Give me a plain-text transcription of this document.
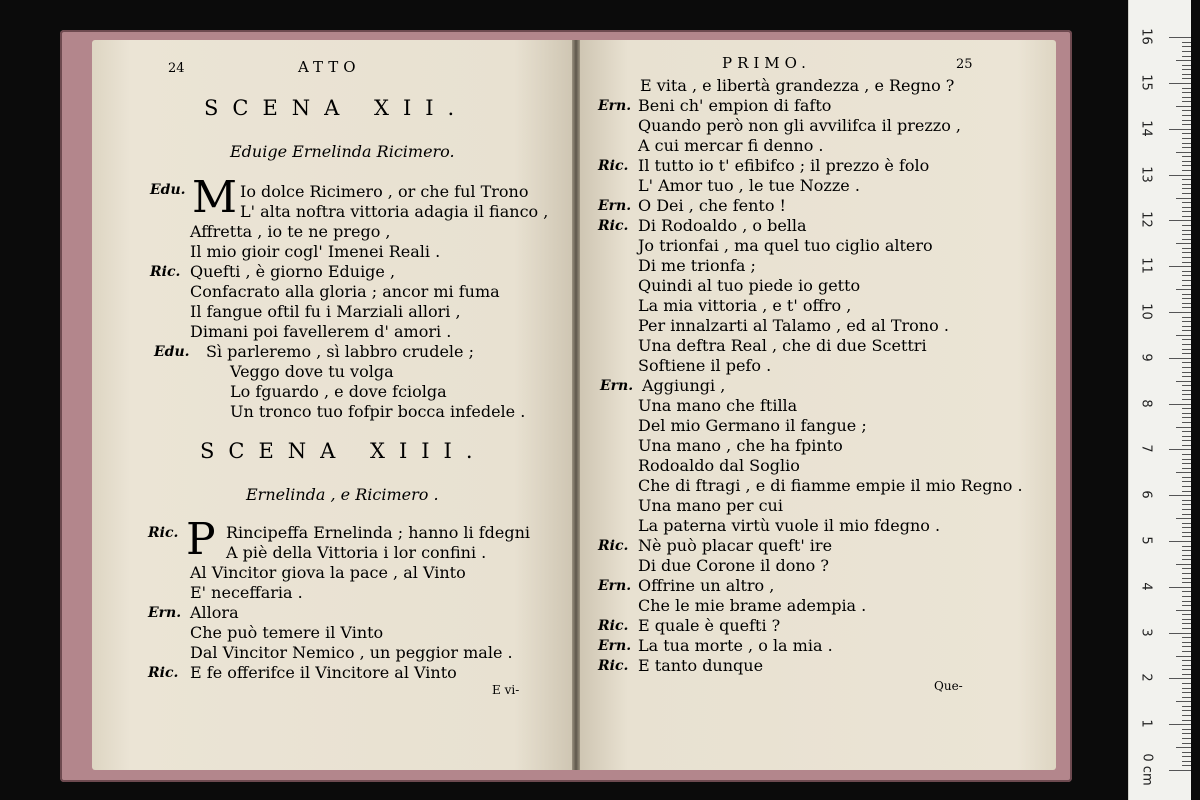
24	ATTO
SCENA XII.
Eduige Ernelinda Ricimero.
Edu. M Io dolce Ricimero , or che ful Trono
L' alta noftra vittoria adagia il fianco ,
Affretta , io te ne prego ,
Il mio gioir cogl' Imenei Reali .
Ric. Quefti , è giorno Eduige ,
Confacrato alla gloria ; ancor mi fuma
Il fangue oftil fu i Marziali allori ,
Dimani poi favellerem d' amori .
Edu. Sì parleremo , sì labbro crudele ;
Veggo dove tu volga
Lo fguardo , e dove fciolga
Un tronco tuo fofpir bocca infedele .
SCENA XIII.
Ernelinda , e Ricimero .
Ric. P Rincipeffa Ernelinda ; hanno li fdegni
A piè della Vittoria i lor confini .
Al Vincitor giova la pace , al Vinto
E' neceffaria .
Ern. Allora
Che può temere il Vinto
Dal Vincitor Nemico , un peggior male .
Ric. E fe offerifce il Vincitore al Vinto
E vi-
PRIMO.	25
E vita , e libertà grandezza , e Regno ?
Ern. Beni ch' empion di fafto
Quando però non gli avvilifca il prezzo ,
A cui mercar fi denno .
Ric. Il tutto io t' efibifco ; il prezzo è folo
L' Amor tuo , le tue Nozze .
Ern. O Dei , che fento !
Ric. Di Rodoaldo , o bella
Jo trionfai , ma quel tuo ciglio altero
Di me trionfa ;
Quindi al tuo piede io getto
La mia vittoria , e t' offro ,
Per innalzarti al Talamo , ed al Trono .
Una deftra Real , che di due Scettri
Softiene il pefo .
Ern. Aggiungi ,
Una mano che ftilla
Del mio Germano il fangue ;
Una mano , che ha fpinto
Rodoaldo dal Soglio
Che di ftragi , e di fiamme empie il mio Regno .
Una mano per cui
La paterna virtù vuole il mio fdegno .
Ric. Nè può placar queft' ire
Di due Corone il dono ?
Ern. Offrine un altro ,
Che le mie brame adempia .
Ric. E quale è quefti ?
Ern. La tua morte , o la mia .
Ric. E tanto dunque
Que-
0 cm
1
2
3
4
5
6
7
8
9
10
11
12
13
14
15
16
